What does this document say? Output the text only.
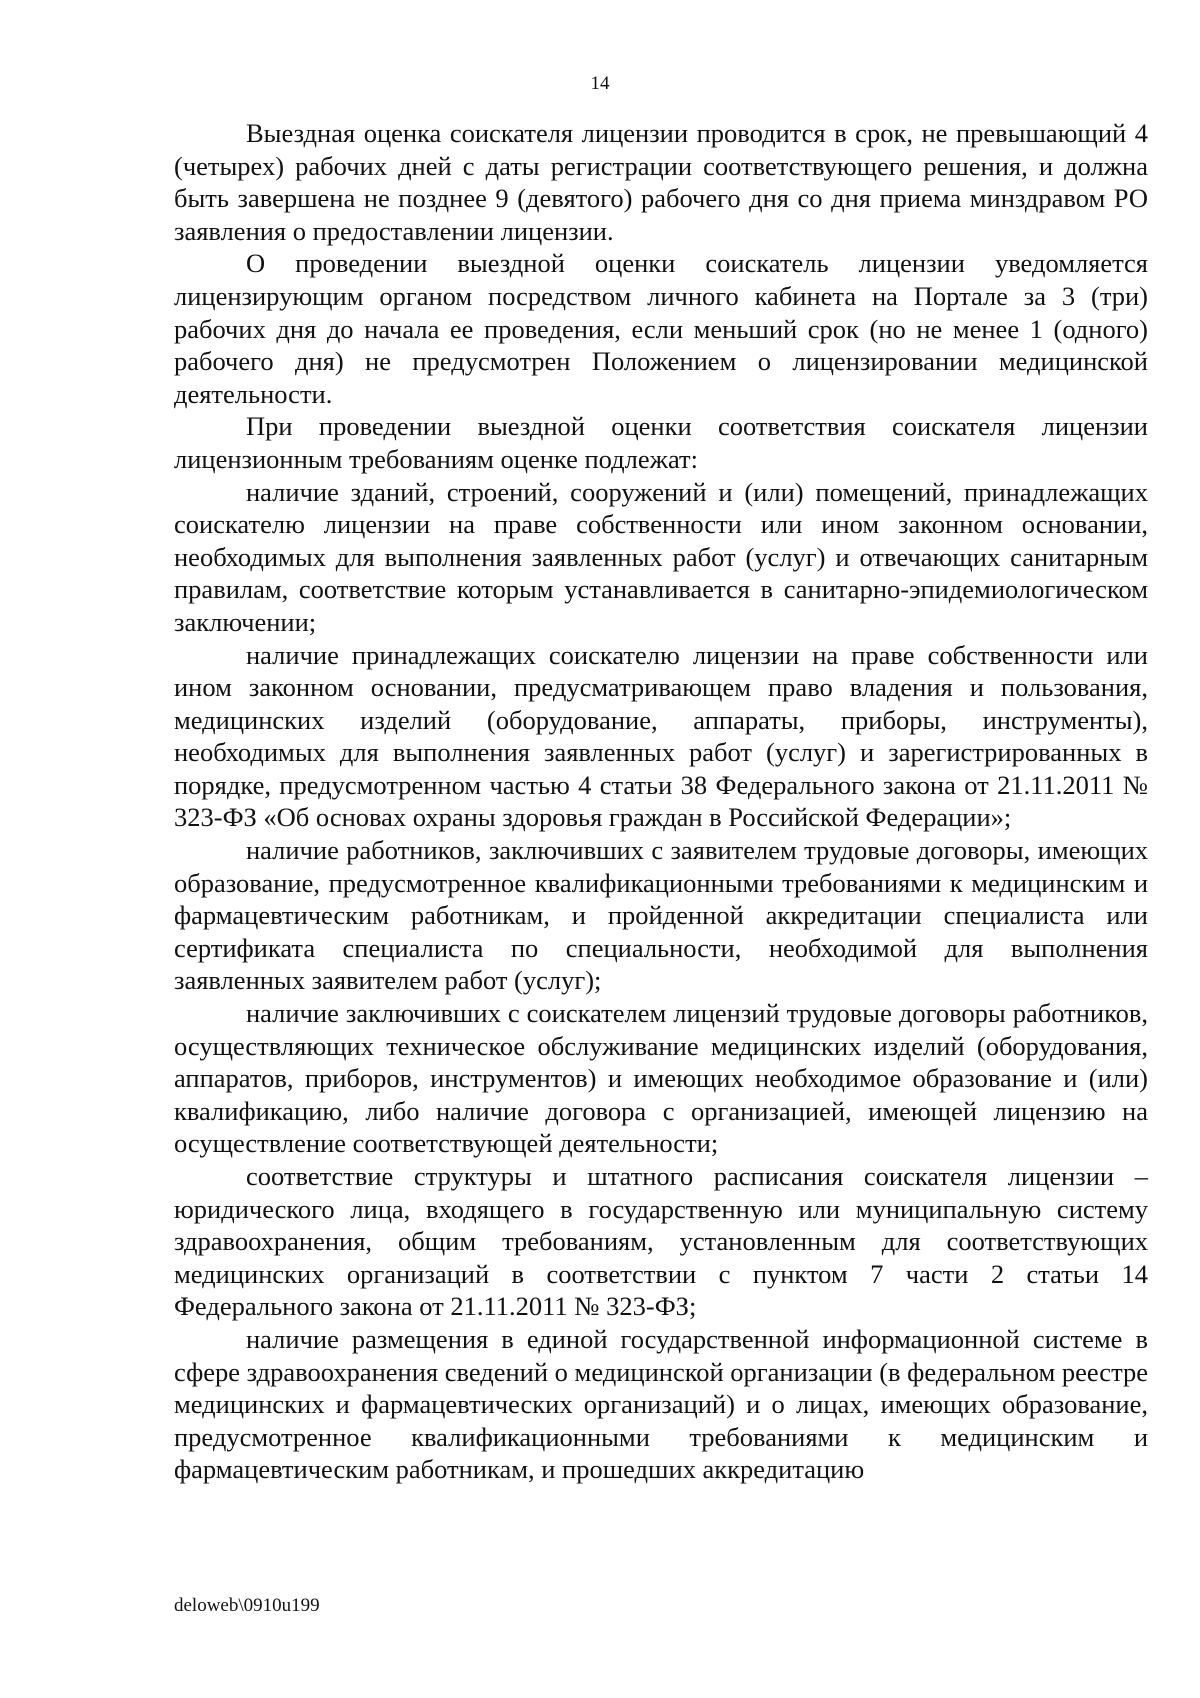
14

Выездная оценка соискателя лицензии проводится в срок, не превышающий 4 (четырех) рабочих дней с даты регистрации соответствующего решения, и должна быть завершена не позднее 9 (девятого) рабочего дня со дня приема минздравом РО заявления о предоставлении лицензии.

О проведении выездной оценки соискатель лицензии уведомляется лицензирующим органом посредством личного кабинета на Портале за 3 (три) рабочих дня до начала ее проведения, если меньший срок (но не менее 1 (одного) рабочего дня) не предусмотрен Положением о лицензировании медицинской деятельности.

При проведении выездной оценки соответствия соискателя лицензии лицензионным требованиям оценке подлежат:

наличие зданий, строений, сооружений и (или) помещений, принадлежащих соискателю лицензии на праве собственности или ином законном основании, необходимых для выполнения заявленных работ (услуг) и отвечающих санитарным правилам, соответствие которым устанавливается в санитарно-эпидемиологическом заключении;

наличие принадлежащих соискателю лицензии на праве собственности или ином законном основании, предусматривающем право владения и пользования, медицинских изделий (оборудование, аппараты, приборы, инструменты), необходимых для выполнения заявленных работ (услуг) и зарегистрированных в порядке, предусмотренном частью 4 статьи 38 Федерального закона от 21.11.2011 № 323-ФЗ «Об основах охраны здоровья граждан в Российской Федерации»;

наличие работников, заключивших с заявителем трудовые договоры, имеющих образование, предусмотренное квалификационными требованиями к медицинским и фармацевтическим работникам, и пройденной аккредитации специалиста или сертификата специалиста по специальности, необходимой для выполнения заявленных заявителем работ (услуг);

наличие заключивших с соискателем лицензий трудовые договоры работников, осуществляющих техническое обслуживание медицинских изделий (оборудования, аппаратов, приборов, инструментов) и имеющих необходимое образование и (или) квалификацию, либо наличие договора с организацией, имеющей лицензию на осуществление соответствующей деятельности;

соответствие структуры и штатного расписания соискателя лицензии – юридического лица, входящего в государственную или муниципальную систему здравоохранения, общим требованиям, установленным для соответствующих медицинских организаций в соответствии с пунктом 7 части 2 статьи 14 Федерального закона от 21.11.2011 № 323-ФЗ;

наличие размещения в единой государственной информационной системе в сфере здравоохранения сведений о медицинской организации (в федеральном реестре медицинских и фармацевтических организаций) и о лицах, имеющих образование, предусмотренное квалификационными требованиями к медицинским и фармацевтическим работникам, и прошедших аккредитацию

deloweb\0910u199
